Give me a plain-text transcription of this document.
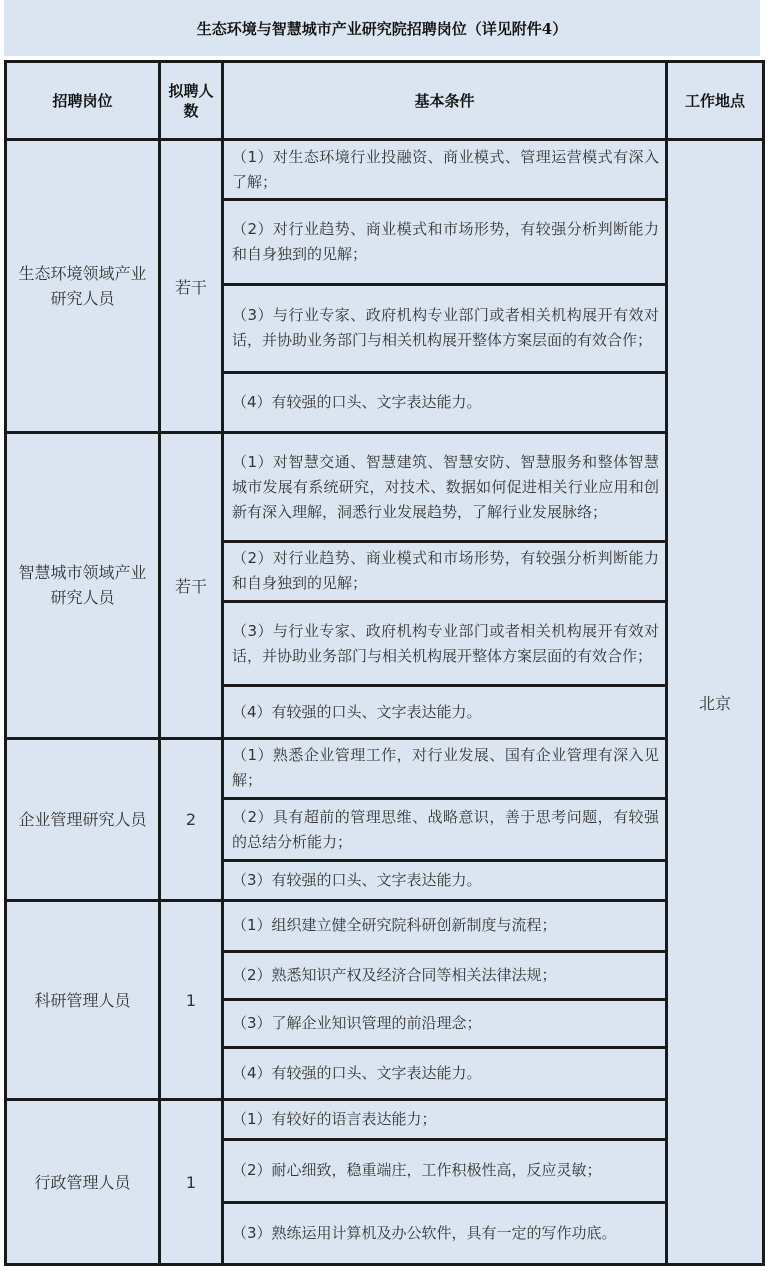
生态环境与智慧城市产业研究院招聘岗位（详见附件4）
招聘岗位	拟聘人数	基本条件	工作地点
生态环境领域产业研究人员	若干	（1）对生态环境行业投融资、商业模式、管理运营模式有深入了解；	北京
		（2）对行业趋势、商业模式和市场形势，有较强分析判断能力和自身独到的见解；	
		（3）与行业专家、政府机构专业部门或者相关机构展开有效对话，并协助业务部门与相关机构展开整体方案层面的有效合作；	
		（4）有较强的口头、文字表达能力。	
智慧城市领域产业研究人员	若干	（1）对智慧交通、智慧建筑、智慧安防、智慧服务和整体智慧城市发展有系统研究，对技术、数据如何促进相关行业应用和创新有深入理解，洞悉行业发展趋势，了解行业发展脉络；	
		（2）对行业趋势、商业模式和市场形势，有较强分析判断能力和自身独到的见解；	
		（3）与行业专家、政府机构专业部门或者相关机构展开有效对话，并协助业务部门与相关机构展开整体方案层面的有效合作；	
		（4）有较强的口头、文字表达能力。	
企业管理研究人员	2	（1）熟悉企业管理工作，对行业发展、国有企业管理有深入见解；	
		（2）具有超前的管理思维、战略意识，善于思考问题，有较强的总结分析能力；	
		（3）有较强的口头、文字表达能力。	
科研管理人员	1	（1）组织建立健全研究院科研创新制度与流程；	
		（2）熟悉知识产权及经济合同等相关法律法规；	
		（3）了解企业知识管理的前沿理念；	
		（4）有较强的口头、文字表达能力。	
行政管理人员	1	（1）有较好的语言表达能力；	
		（2）耐心细致，稳重端庄，工作积极性高，反应灵敏；	
		（3）熟练运用计算机及办公软件，具有一定的写作功底。	
